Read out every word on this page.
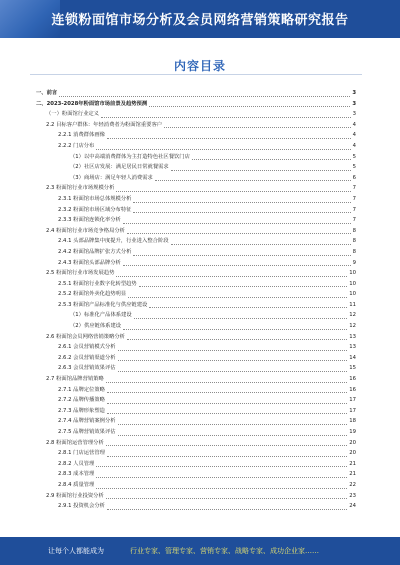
连锁粉面馆市场分析及会员网络营销策略研究报告
内容目录
一、前言	3
二、2023-2028年粉面馆市场前景及趋势预测	3
（一）粉面馆行业定义	3
2.2 目标客户群体：年轻消费者为粉面馆重要客户	4
2.2.1 消费群体画像	4
2.2.2 门店分布	4
（1）以中高端消费群体为主打造特色社区餐饮门店	5
（2）社区店发展：满足居民日常就餐需求	5
（3）商场店：满足年轻人消费需求	6
2.3 粉面馆行业市场规模分析	7
2.3.1 粉面馆市场总体规模分析	7
2.3.2 粉面馆市场区域分布特征	7
2.3.3 粉面馆连锁化率分析	7
2.4 粉面馆行业市场竞争格局分析	8
2.4.1 头部品牌集中度提升，行业进入整合阶段	8
2.4.2 粉面馆品牌扩张方式分析	8
2.4.3 粉面馆头部品牌分析	9
2.5 粉面馆行业市场发展趋势	10
2.5.1 粉面馆行业数字化转型趋势	10
2.5.2 粉面馆外卖化趋势明显	10
2.5.3 粉面馆产品标准化与供应链建设	11
（1）标准化产品体系建设	12
（2）供应链体系建设	12
2.6 粉面馆会员网络营销策略分析	13
2.6.1 会员营销模式分析	13
2.6.2 会员营销渠道分析	14
2.6.3 会员营销效果评估	15
2.7 粉面馆品牌营销策略	16
2.7.1 品牌定位策略	16
2.7.2 品牌传播策略	17
2.7.3 品牌形象塑造	17
2.7.4 品牌营销案例分析	18
2.7.5 品牌营销效果评估	19
2.8 粉面馆运营管理分析	20
2.8.1 门店运营管理	20
2.8.2 人员管理	21
2.8.3 成本管理	21
2.8.4 质量管理	22
2.9 粉面馆行业投资分析	23
2.9.1 投资机会分析	24
让每个人都能成为	行业专家、管理专家、营销专家、战略专家、成功企业家……
